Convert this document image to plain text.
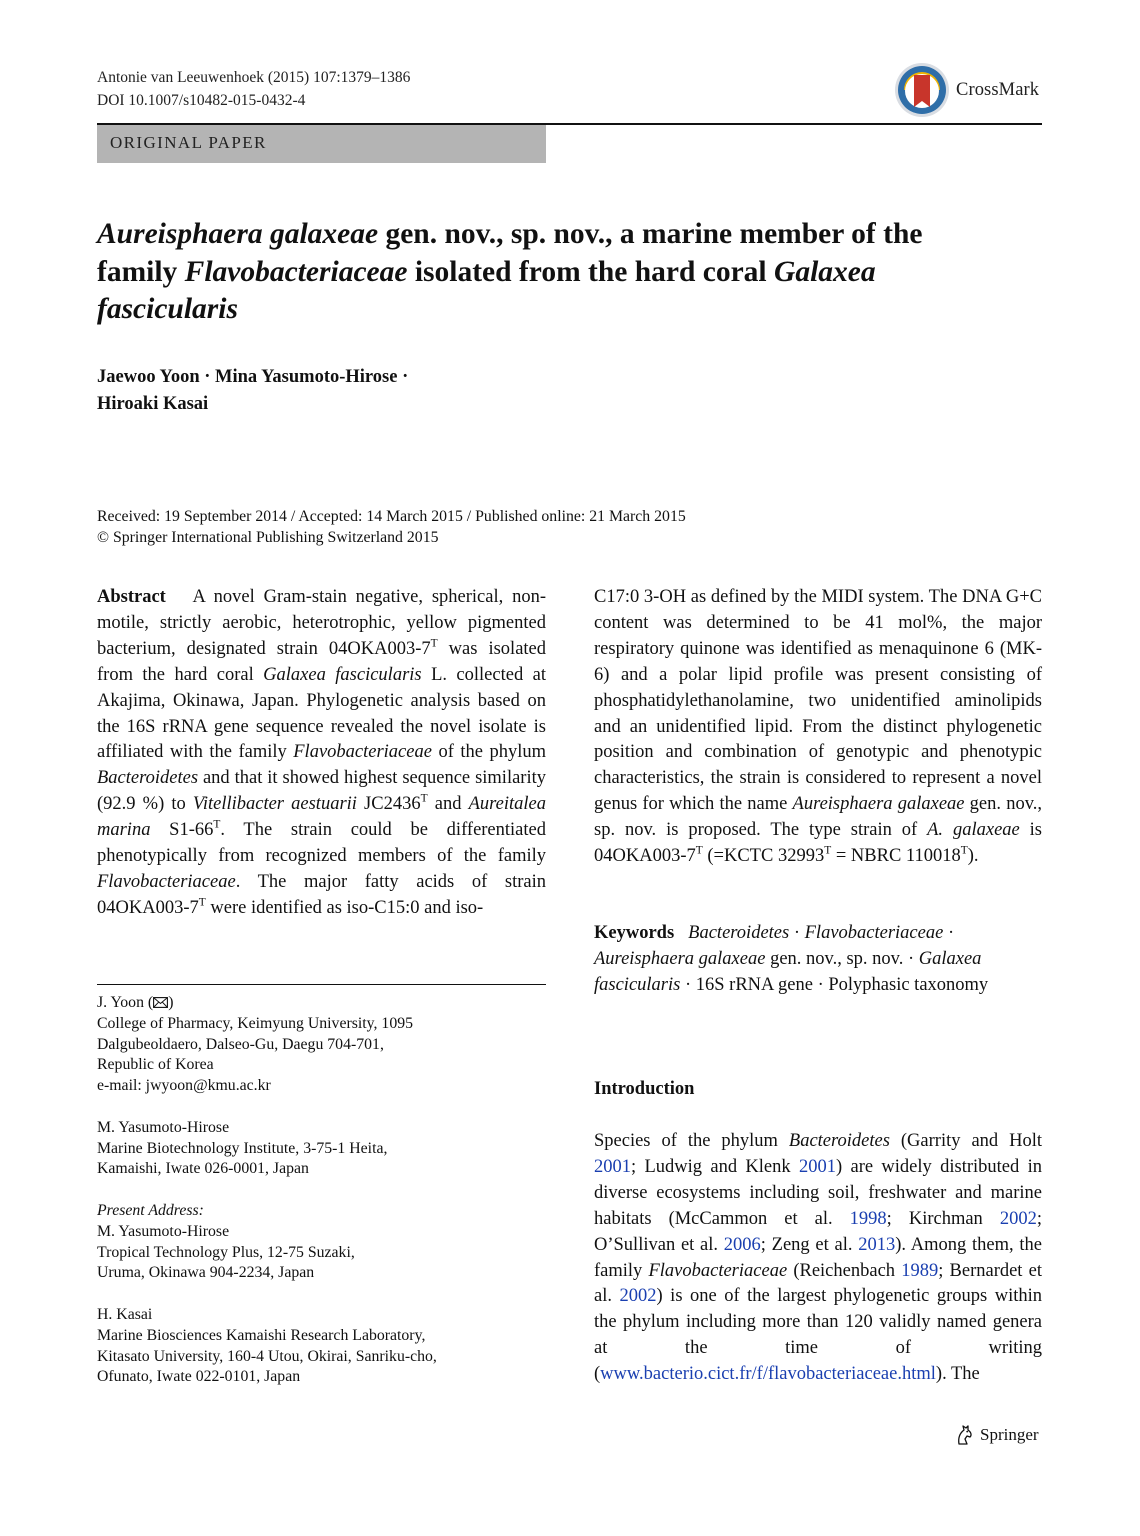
Antonie van Leeuwenhoek (2015) 107:1379–1386
DOI 10.1007/s10482-015-0432-4
CrossMark
ORIGINAL PAPER
Aureisphaera galaxeae gen. nov., sp. nov., a marine member of the family Flavobacteriaceae isolated from the hard coral Galaxea fascicularis
Jaewoo Yoon · Mina Yasumoto-Hirose ·
Hiroaki Kasai
Received: 19 September 2014 / Accepted: 14 March 2015 / Published online: 21 March 2015
© Springer International Publishing Switzerland 2015

Abstract A novel Gram-stain negative, spherical, non-motile, strictly aerobic, heterotrophic, yellow pigmented bacterium, designated strain $04OKA003-7^T$ was isolated from the hard coral Galaxea fascicularis L. collected at Akajima, Okinawa, Japan. Phylogenetic analysis based on the 16S rRNA gene sequence revealed the novel isolate is affiliated with the family Flavobacteriaceae of the phylum Bacteroidetes and that it showed highest sequence similarity (92.9 %) to Vitellibacter aestuarii $JC2436^T$ and Aureitalea marina $S1-66^T$. The strain could be differentiated phenotypically from recognized members of the family Flavobacteriaceae. The major fatty acids of strain $04OKA003-7^T$ were identified as iso-C15:0 and iso-

C17:0 3-OH as defined by the MIDI system. The DNA G+C content was determined to be 41 mol%, the major respiratory quinone was identified as menaquinone 6 (MK-6) and a polar lipid profile was present consisting of phosphatidylethanolamine, two unidentified aminolipids and an unidentified lipid. From the distinct phylogenetic position and combination of genotypic and phenotypic characteristics, the strain is considered to represent a novel genus for which the name Aureisphaera galaxeae gen. nov., sp. nov. is proposed. The type strain of A. galaxeae is $04OKA003-7^T$ (=KCTC $32993^T$ = NBRC $110018^T$).

Keywords Bacteroidetes · Flavobacteriaceae ·
Aureisphaera galaxeae gen. nov., sp. nov. · Galaxea fascicularis · 16S rRNA gene · Polyphasic taxonomy
Introduction

Species of the phylum Bacteroidetes (Garrity and Holt 2001; Ludwig and Klenk 2001) are widely distributed in diverse ecosystems including soil, freshwater and marine habitats (McCammon et al. 1998; Kirchman 2002; O’Sullivan et al. 2006; Zeng et al. 2013). Among them, the family Flavobacteriaceae (Reichenbach 1989; Bernardet et al. 2002) is one of the largest phylogenetic groups within the phylum including more than 120 validly named genera at the time of writing (www.bacterio.cict.fr/f/flavobacteriaceae.html). The

J. Yoon ( )
College of Pharmacy, Keimyung University, 1095
Dalgubeoldaero, Dalseo-Gu, Daegu 704-701,
Republic of Korea
e-mail: jwyoon@kmu.ac.kr
M. Yasumoto-Hirose
Marine Biotechnology Institute, 3-75-1 Heita,
Kamaishi, Iwate 026-0001, Japan
Present Address:
M. Yasumoto-Hirose
Tropical Technology Plus, 12-75 Suzaki,
Uruma, Okinawa 904-2234, Japan
H. Kasai
Marine Biosciences Kamaishi Research Laboratory,
Kitasato University, 160-4 Utou, Okirai, Sanriku-cho,
Ofunato, Iwate 022-0101, Japan
Springer
